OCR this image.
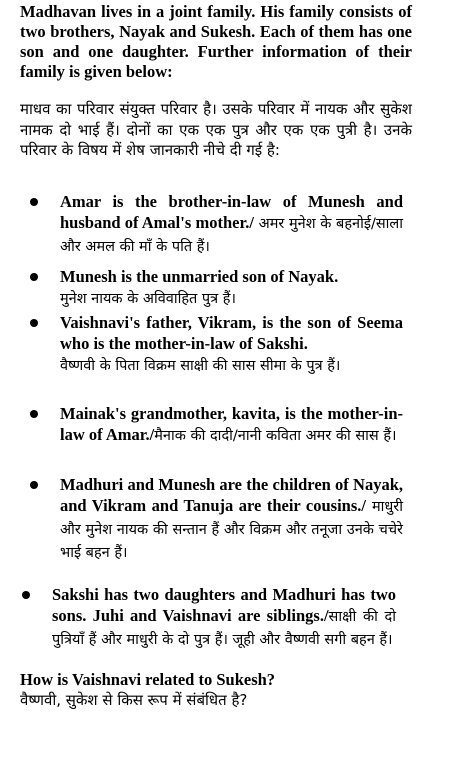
Madhavan lives in a joint family. His family consists of two brothers, Nayak and Sukesh. Each of them has one son and one daughter. Further information of their family is given below:
माधव का परिवार संयुक्त परिवार है। उसके परिवार में नायक और सुकेश नामक दो भाई हैं। दोनों का एक एक पुत्र और एक एक पुत्री है। उनके परिवार के विषय में शेष जानकारी नीचे दी गई है:
Amar is the brother-in-law of Munesh and husband of Amal's mother./ अमर मुनेश के बहनोई/साला और अमल की माँ के पति हैं।
Munesh is the unmarried son of Nayak.
मुनेश नायक के अविवाहित पुत्र हैं।
Vaishnavi's father, Vikram, is the son of Seema who is the mother-in-law of Sakshi.
वैष्णवी के पिता विक्रम साक्षी की सास सीमा के पुत्र हैं।
Mainak's grandmother, kavita, is the mother-in-law of Amar./मैनाक की दादी/नानी कविता अमर की सास हैं।
Madhuri and Munesh are the children of Nayak, and Vikram and Tanuja are their cousins./ माधुरी और मुनेश नायक की सन्तान हैं और विक्रम और तनूजा उनके चचेरे भाई बहन हैं।
Sakshi has two daughters and Madhuri has two sons. Juhi and Vaishnavi are siblings./साक्षी की दो पुत्रियाँ हैं और माधुरी के दो पुत्र हैं। जूही और वैष्णवी सगी बहन हैं।
How is Vaishnavi related to Sukesh?
वैष्णवी, सुकेश से किस रूप में संबंधित है?
